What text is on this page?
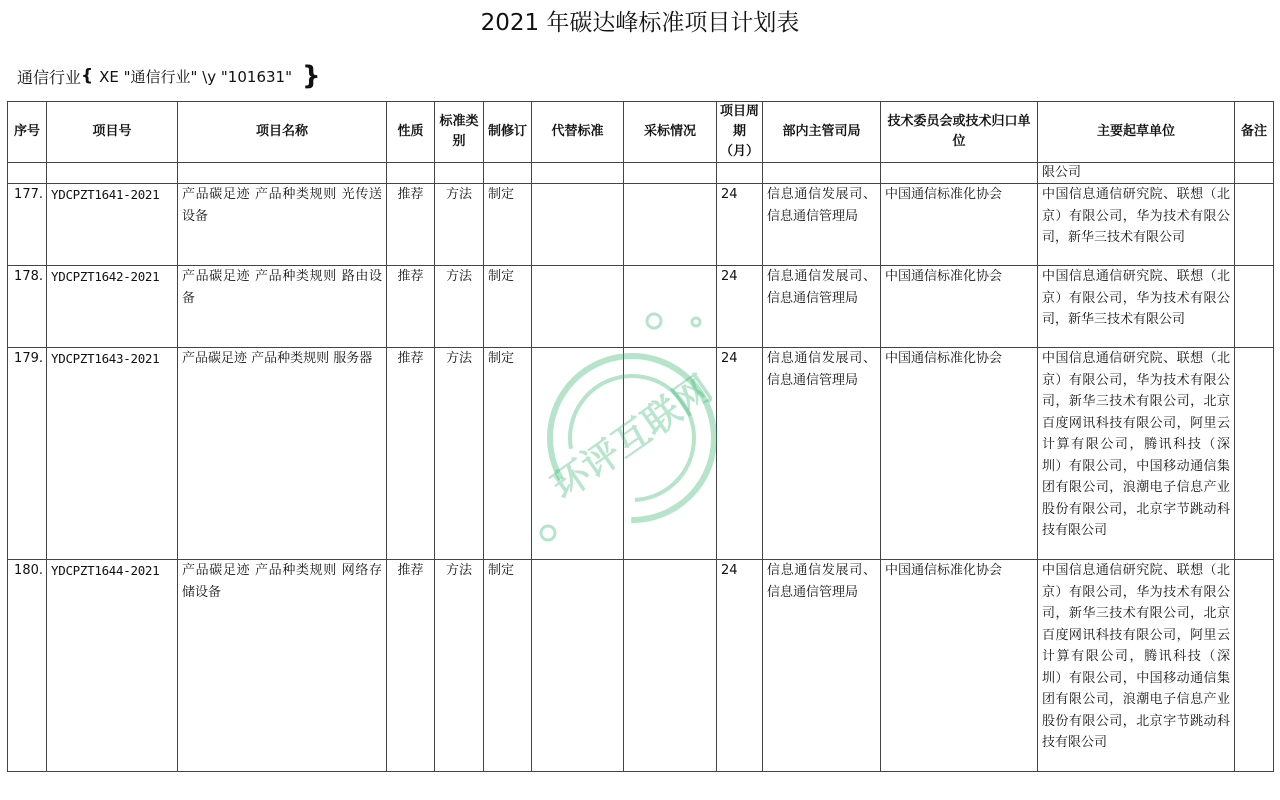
2021 年碳达峰标准项目计划表
通信行业 { XE "通信行业" \y "101631" }
序号	项目号	项目名称	性质	标准类别	制修订	代替标准	采标情况	项目周期（月）	部内主管司局	技术委员会或技术归口单位	主要起草单位	备注
											限公司	
177.	YDCPZT1641-2021	产品碳足迹 产品种类规则 光传送设备	推荐	方法	制定			24	信息通信发展司、信息通信管理局	中国通信标准化协会	中国信息通信研究院、联想（北京）有限公司，华为技术有限公司，新华三技术有限公司	
178.	YDCPZT1642-2021	产品碳足迹 产品种类规则 路由设备	推荐	方法	制定			24	信息通信发展司、信息通信管理局	中国通信标准化协会	中国信息通信研究院、联想（北京）有限公司，华为技术有限公司，新华三技术有限公司	
179.	YDCPZT1643-2021	产品碳足迹 产品种类规则 服务器	推荐	方法	制定			24	信息通信发展司、信息通信管理局	中国通信标准化协会	中国信息通信研究院、联想（北京）有限公司，华为技术有限公司，新华三技术有限公司，北京百度网讯科技有限公司，阿里云计算有限公司，腾讯科技（深圳）有限公司，中国移动通信集团有限公司，浪潮电子信息产业股份有限公司，北京字节跳动科技有限公司	
180.	YDCPZT1644-2021	产品碳足迹 产品种类规则 网络存储设备	推荐	方法	制定			24	信息通信发展司、信息通信管理局	中国通信标准化协会	中国信息通信研究院、联想（北京）有限公司，华为技术有限公司，新华三技术有限公司，北京百度网讯科技有限公司，阿里云计算有限公司，腾讯科技（深圳）有限公司，中国移动通信集团有限公司，浪潮电子信息产业股份有限公司，北京字节跳动科技有限公司	
环评互联网
